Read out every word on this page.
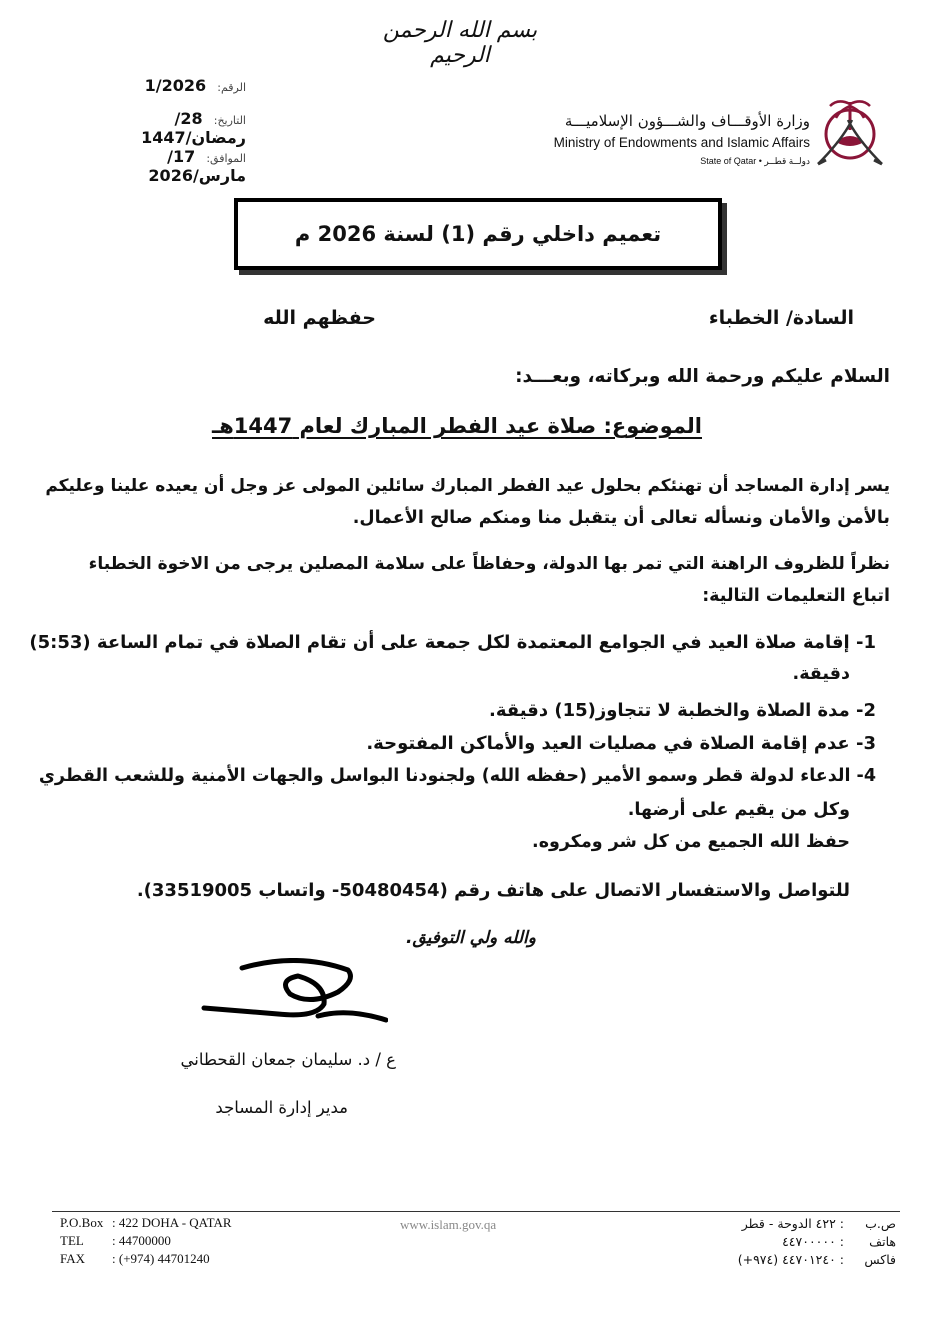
بسم الله الرحمن الرحيم
الرقم: 1/2026
التاريخ: 28/رمضان/1447
الموافق: 17/مارس/2026
وزارة الأوقـــاف والشـــؤون الإسلاميـــة
Ministry of Endowments and Islamic Affairs
State of Qatar • دولــة قطــر
تعميم داخلي رقم (1) لسنة 2026 م
السادة/ الخطباء
حفظهم الله
السلام عليكم ورحمة الله وبركاته، وبعـــد:
الموضوع: صلاة عيد الفطر المبارك لعام 1447هـ
يسر إدارة المساجد أن تهنئكم بحلول عيد الفطر المبارك سائلين المولى عز وجل أن يعيده علينا وعليكم
بالأمن والأمان ونسأله تعالى أن يتقبل منا ومنكم صالح الأعمال.
نظراً للظروف الراهنة التي تمر بها الدولة، وحفاظاً على سلامة المصلين يرجى من الاخوة الخطباء
اتباع التعليمات التالية:
1- إقامة صلاة العيد في الجوامع المعتمدة لكل جمعة على أن تقام الصلاة في تمام الساعة (5:53)
دقيقة.
2- مدة الصلاة والخطبة لا تتجاوز(15) دقيقة.
3- عدم إقامة الصلاة في مصليات العيد والأماكن المفتوحة.
4- الدعاء لدولة قطر وسمو الأمير (حفظه الله) ولجنودنا البواسل والجهات الأمنية وللشعب القطري
وكل من يقيم على أرضها.
حفظ الله الجميع من كل شر ومكروه.
للتواصل والاستفسار الاتصال على هاتف رقم (50480454- واتساب 33519005).
والله ولي التوفيق.
ع / د. سليمان جمعان القحطاني
مدير إدارة المساجد
P.O.Box : 422 DOHA - QATAR
TEL : 44700000
FAX : (+974) 44701240
www.islam.gov.qa	ص.ب: ٤٢٢ الدوحة - قطر
هاتف: ٤٤٧٠٠٠٠٠
فاكس: ٤٤٧٠١٢٤٠ (٩٧٤+)
